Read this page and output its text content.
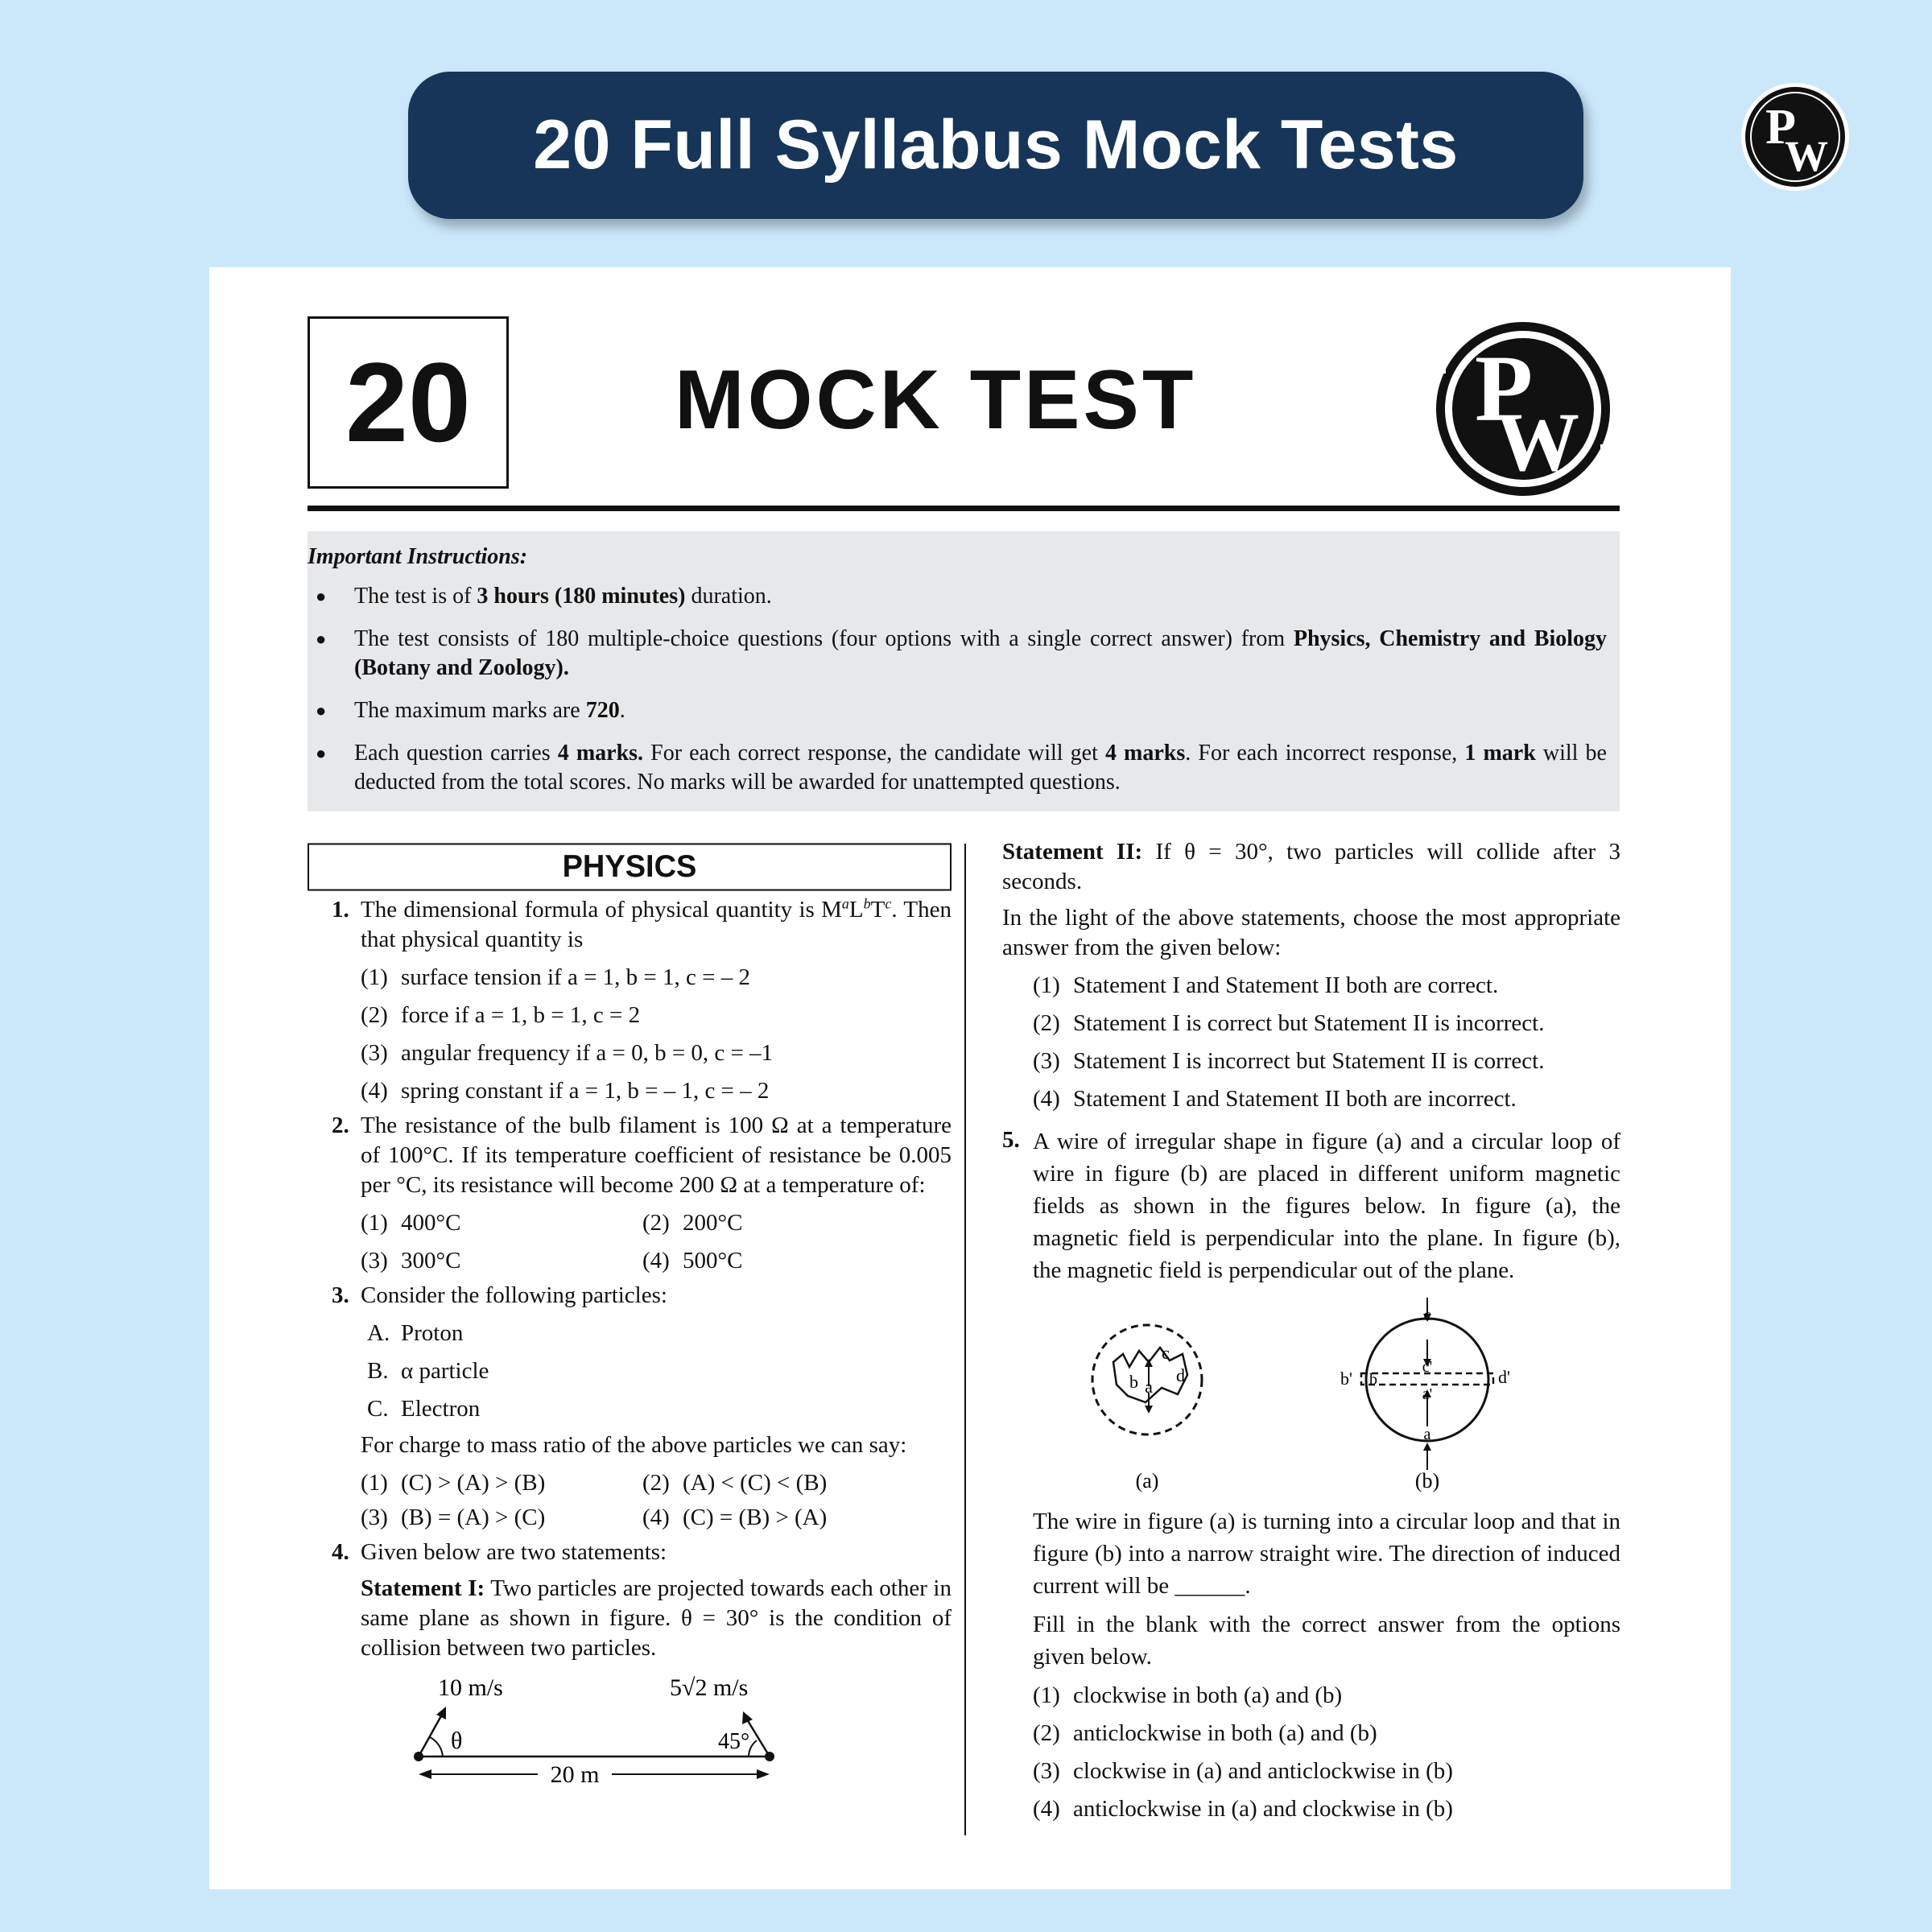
20 Full Syllabus Mock Tests	P
W
20	MOCK TEST	P
W
Important Instructions:
● The test is of 3 hours (180 minutes) duration.
● The test consists of 180 multiple-choice questions (four options with a single correct answer) from Physics, Chemistry and Biology (Botany and Zoology).
● The maximum marks are 720.
● Each question carries 4 marks. For each correct response, the candidate will get 4 marks. For each incorrect response, 1 mark will be deducted from the total scores. No marks will be awarded for unattempted questions.
PHYSICS
1. The dimensional formula of physical quantity is $M^aL^bT^c$. Then that physical quantity is
(1) surface tension if a = 1, b = 1, c = – 2
(2) force if a = 1, b = 1, c = 2
(3) angular frequency if a = 0, b = 0, c = –1
(4) spring constant if a = 1, b = – 1, c = – 2
2. The resistance of the bulb filament is 100 Ω at a temperature of 100°C. If its temperature coefficient of resistance be 0.005 per °C, its resistance will become 200 Ω at a temperature of:
(1) 400°C	(2) 200°C
(3) 300°C	(4) 500°C
3. Consider the following particles:
A. Proton
B. α particle
C. Electron
For charge to mass ratio of the above particles we can say:
(1) (C) > (A) > (B)	(2) (A) < (C) < (B)
(3) (B) = (A) > (C)	(4) (C) = (B) > (A)
4. Given below are two statements:
Statement I: Two particles are projected towards each other in same plane as shown in figure. θ = 30° is the condition of collision between two particles.
10 m/s	5√2 m/s
θ	45°
20 m
Statement II: If θ = 30°, two particles will collide after 3 seconds.
In the light of the above statements, choose the most appropriate answer from the given below:
(1) Statement I and Statement II both are correct.
(2) Statement I is correct but Statement II is incorrect.
(3) Statement I is incorrect but Statement II is correct.
(4) Statement I and Statement II both are incorrect.
5. A wire of irregular shape in figure (a) and a circular loop of wire in figure (b) are placed in different uniform magnetic fields as shown in the figures below. In figure (a), the magnetic field is perpendicular into the plane. In figure (b), the magnetic field is perpendicular out of the plane.
b a
c
d
(a)
c
c'
a'
a
b
b'	d'
(b)
The wire in figure (a) is turning into a circular loop and that in figure (b) into a narrow straight wire. The direction of induced current will be ______.
Fill in the blank with the correct answer from the options given below.
(1) clockwise in both (a) and (b)
(2) anticlockwise in both (a) and (b)
(3) clockwise in (a) and anticlockwise in (b)
(4) anticlockwise in (a) and clockwise in (b)
